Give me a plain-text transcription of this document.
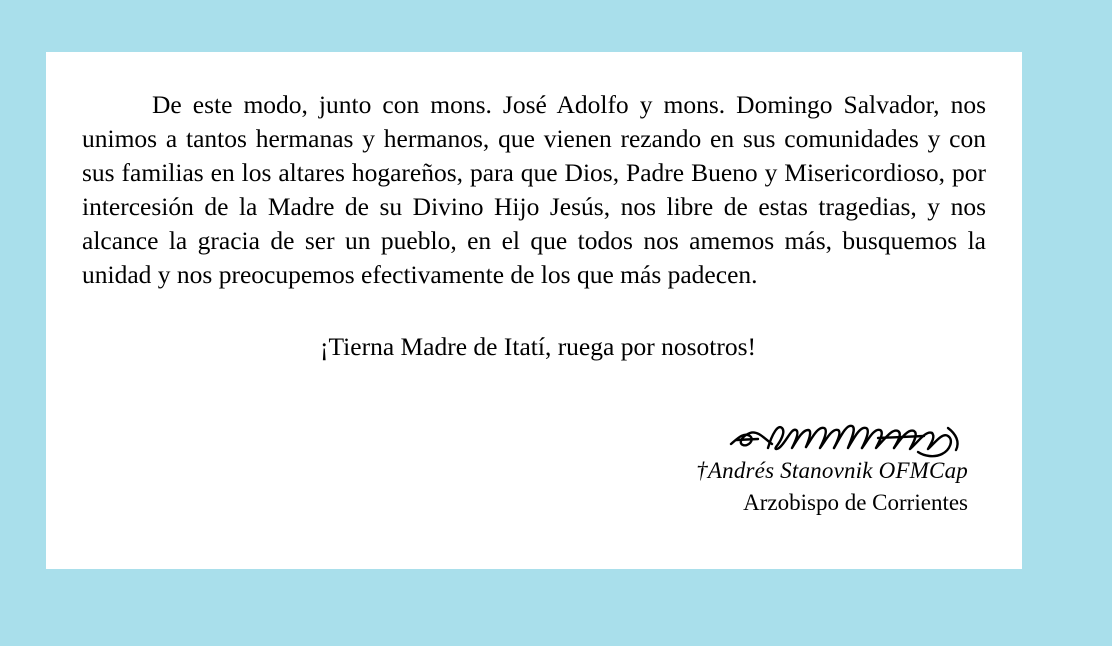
De este modo, junto con mons. José Adolfo y mons. Domingo Salvador, nos unimos a tantos hermanas y hermanos, que vienen rezando en sus comunidades y con sus familias en los altares hogareños, para que Dios, Padre Bueno y Misericordioso, por intercesión de la Madre de su Divino Hijo Jesús, nos libre de estas tragedias, y nos alcance la gracia de ser un pueblo, en el que todos nos amemos más, busquemos la unidad y nos preocupemos efectivamente de los que más padecen.

¡Tierna Madre de Itatí, ruega por nosotros!

†Andrés Stanovnik OFMCap

Arzobispo de Corrientes
